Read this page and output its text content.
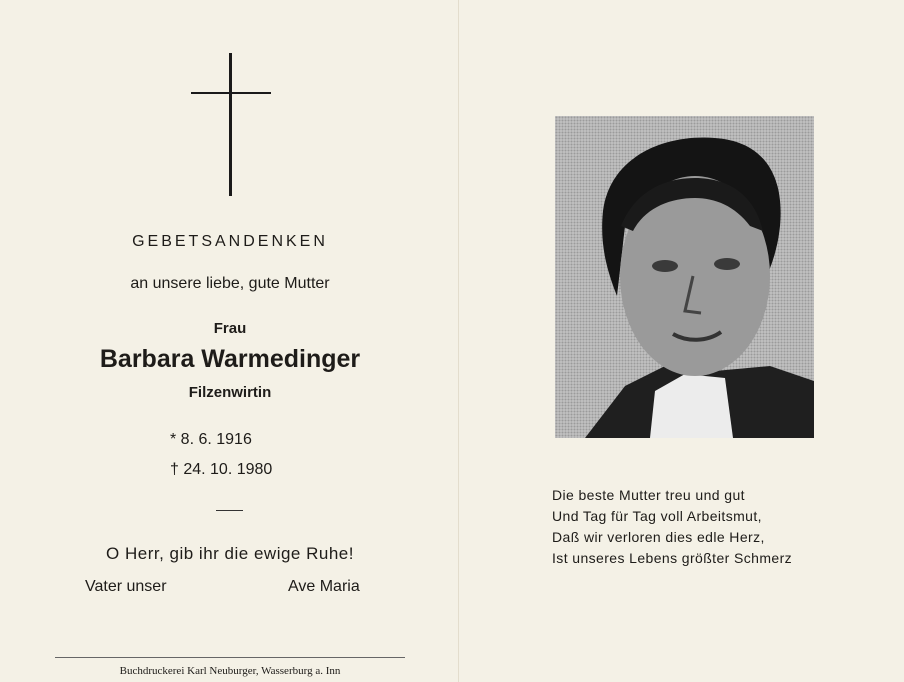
GEBETSANDENKEN
an unsere liebe, gute Mutter
Frau
Barbara Warmedinger
Filzenwirtin
* 8. 6. 1916
† 24. 10. 1980
O Herr, gib ihr die ewige Ruhe!
Vater unser	Ave Maria
Buchdruckerei Karl Neuburger, Wasserburg a. Inn
Die beste Mutter treu und gut
Und Tag für Tag voll Arbeitsmut,
Daß wir verloren dies edle Herz,
Ist unseres Lebens größter Schmerz
